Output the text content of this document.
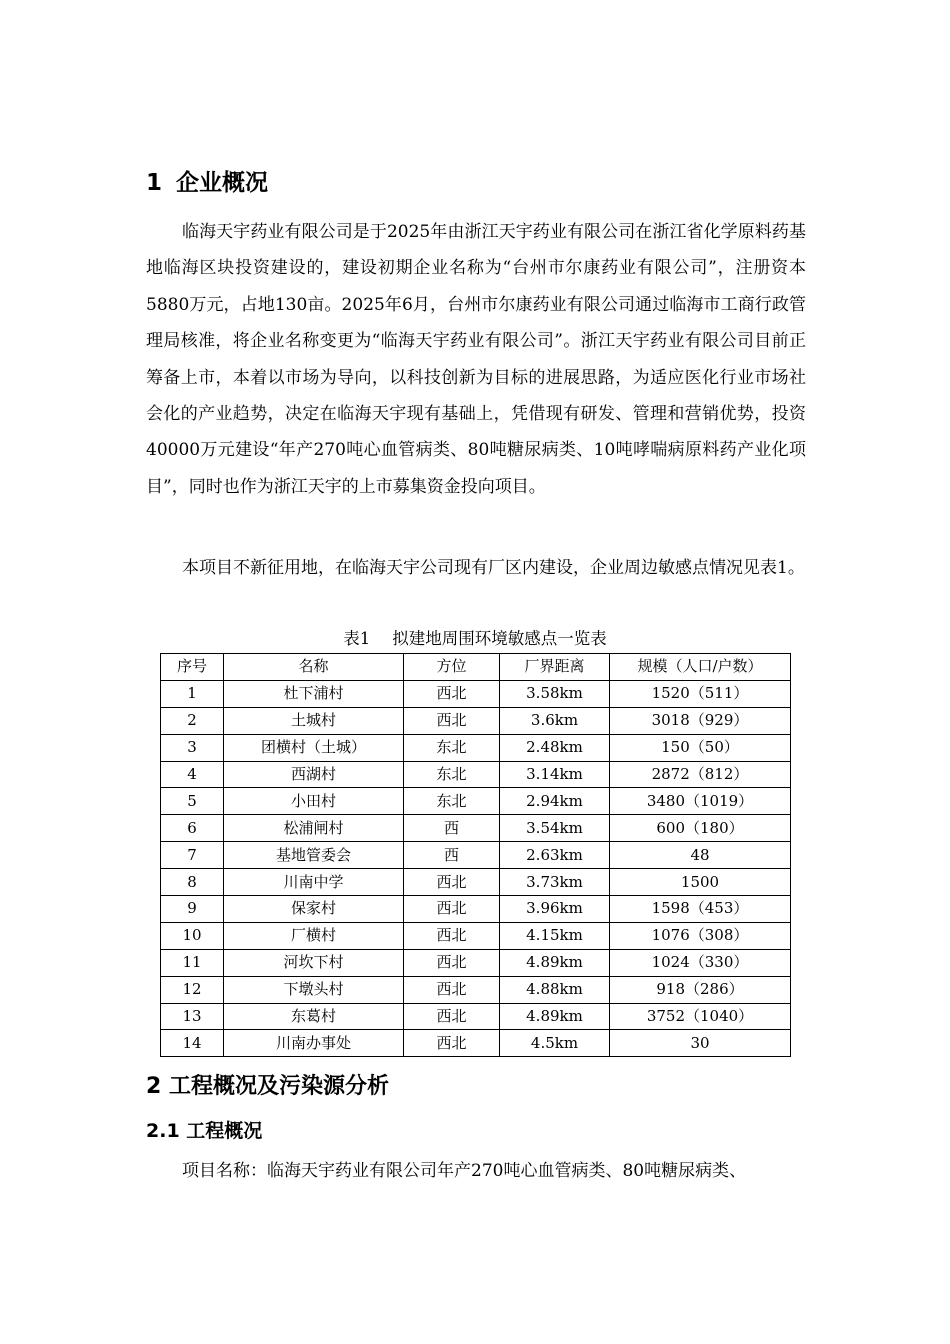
1 企业概况

临海天宇药业有限公司是于2025年由浙江天宇药业有限公司在浙江省化学原料药基地临海区块投资建设的，建设初期企业名称为“台州市尔康药业有限公司”，注册资本5880万元，占地130亩。2025年6月，台州市尔康药业有限公司通过临海市工商行政管理局核准，将企业名称变更为“临海天宇药业有限公司”。浙江天宇药业有限公司目前正筹备上市，本着以市场为导向，以科技创新为目标的进展思路，为适应医化行业市场社会化的产业趋势，决定在临海天宇现有基础上，凭借现有研发、管理和营销优势，投资40000万元建设“年产270吨心血管病类、80吨糖尿病类、10吨哮喘病原料药产业化项目”，同时也作为浙江天宇的上市募集资金投向项目。

本项目不新征用地，在临海天宇公司现有厂区内建设，企业周边敏感点情况见表1。

表1 拟建地周围环境敏感点一览表
序号	名称	方位	厂界距离	规模（人口/户数）
1	杜下浦村	西北	3.58km	1520（511）
2	土城村	西北	3.6km	3018（929）
3	团横村（土城）	东北	2.48km	150（50）
4	西湖村	东北	3.14km	2872（812）
5	小田村	东北	2.94km	3480（1019）
6	松浦闸村	西	3.54km	600（180）
7	基地管委会	西	2.63km	48
8	川南中学	西北	3.73km	1500
9	保家村	西北	3.96km	1598（453）
10	厂横村	西北	4.15km	1076（308）
11	河坎下村	西北	4.89km	1024（330）
12	下墩头村	西北	4.88km	918（286）
13	东葛村	西北	4.89km	3752（1040）
14	川南办事处	西北	4.5km	30
2 工程概况及污染源分析
2.1 工程概况

项目名称：临海天宇药业有限公司年产270吨心血管病类、80吨糖尿病类、
